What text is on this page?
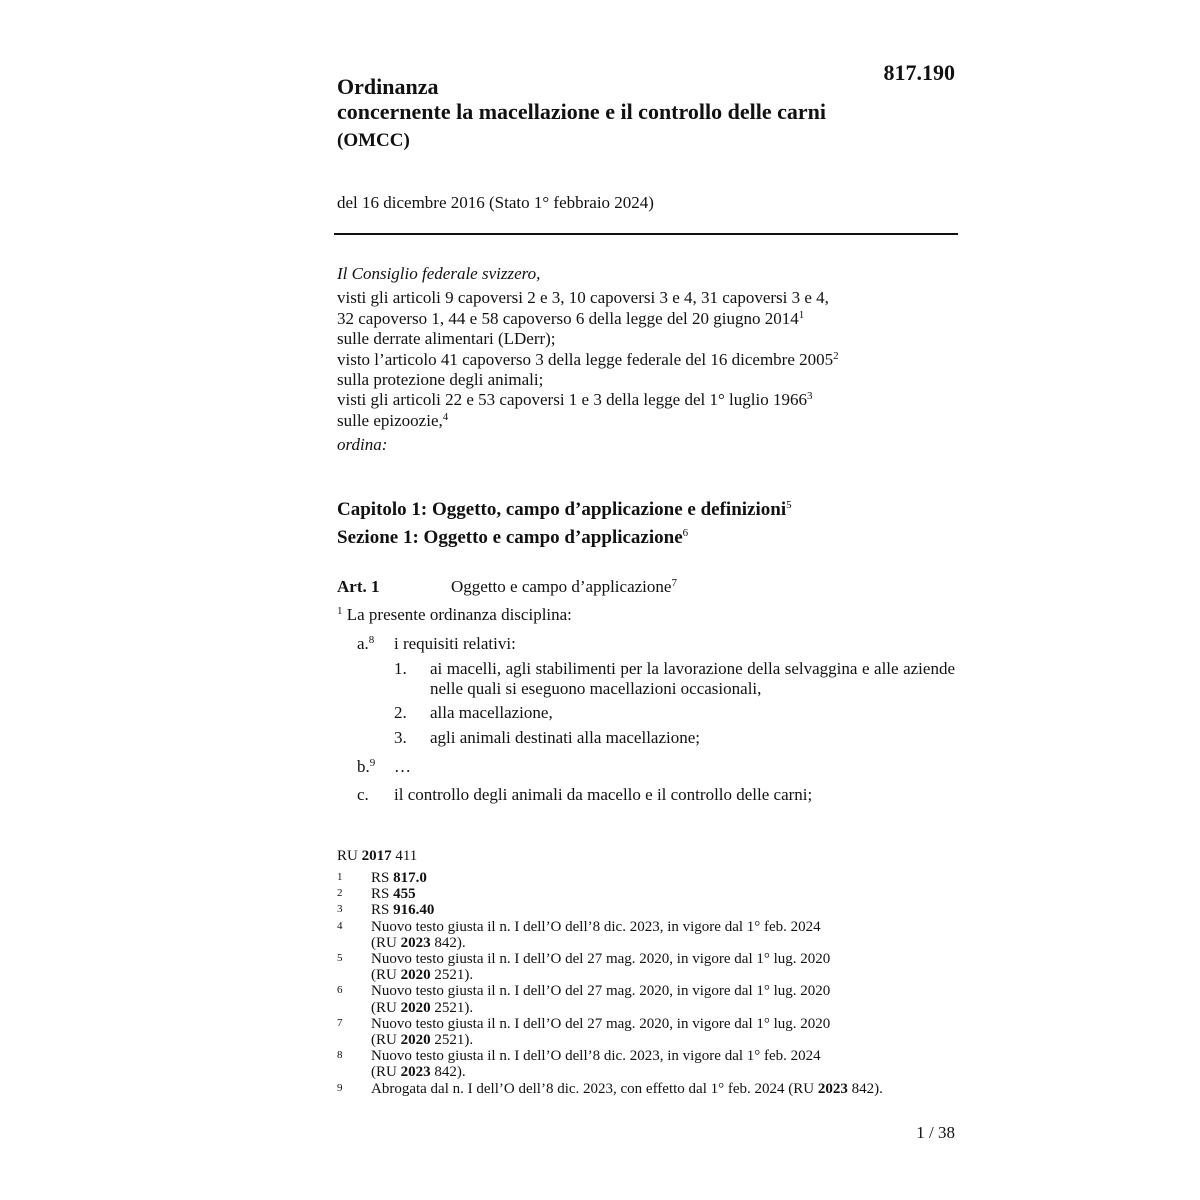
817.190
Ordinanza
concernente la macellazione e il controllo delle carni
(OMCC)
del 16 dicembre 2016 (Stato 1° febbraio 2024)
Il Consiglio federale svizzero,
visti gli articoli 9 capoversi 2 e 3, 10 capoversi 3 e 4, 31 capoversi 3 e 4,
32 capoverso 1, 44 e 58 capoverso 6 della legge del 20 giugno 2014$^1$
sulle derrate alimentari (LDerr);
visto l’articolo 41 capoverso 3 della legge federale del 16 dicembre 2005$^2$
sulla protezione degli animali;
visti gli articoli 22 e 53 capoversi 1 e 3 della legge del 1° luglio 1966$^3$
sulle epizoozie,$^4$
ordina:
Capitolo 1: Oggetto, campo d’applicazione e definizioni$^5$
Sezione 1: Oggetto e campo d’applicazione$^6$
Art. 1	Oggetto e campo d’applicazione$^7$
$^1$ La presente ordinanza disciplina:
a.$^8$ i requisiti relativi:
1. ai macelli, agli stabilimenti per la lavorazione della selvaggina e alle aziende nelle quali si eseguono macellazioni occasionali,
2. alla macellazione,
3. agli animali destinati alla macellazione;
b.$^9$ …
c. il controllo degli animali da macello e il controllo delle carni;
RU 2017 411
1	RS 817.0
2	RS 455
3	RS 916.40
4	Nuovo testo giusta il n. I dell’O dell’8 dic. 2023, in vigore dal 1° feb. 2024
(RU 2023 842).
5	Nuovo testo giusta il n. I dell’O del 27 mag. 2020, in vigore dal 1° lug. 2020
(RU 2020 2521).
6	Nuovo testo giusta il n. I dell’O del 27 mag. 2020, in vigore dal 1° lug. 2020
(RU 2020 2521).
7	Nuovo testo giusta il n. I dell’O del 27 mag. 2020, in vigore dal 1° lug. 2020
(RU 2020 2521).
8	Nuovo testo giusta il n. I dell’O dell’8 dic. 2023, in vigore dal 1° feb. 2024
(RU 2023 842).
9	Abrogata dal n. I dell’O dell’8 dic. 2023, con effetto dal 1° feb. 2024 (RU 2023 842).
1 / 38
